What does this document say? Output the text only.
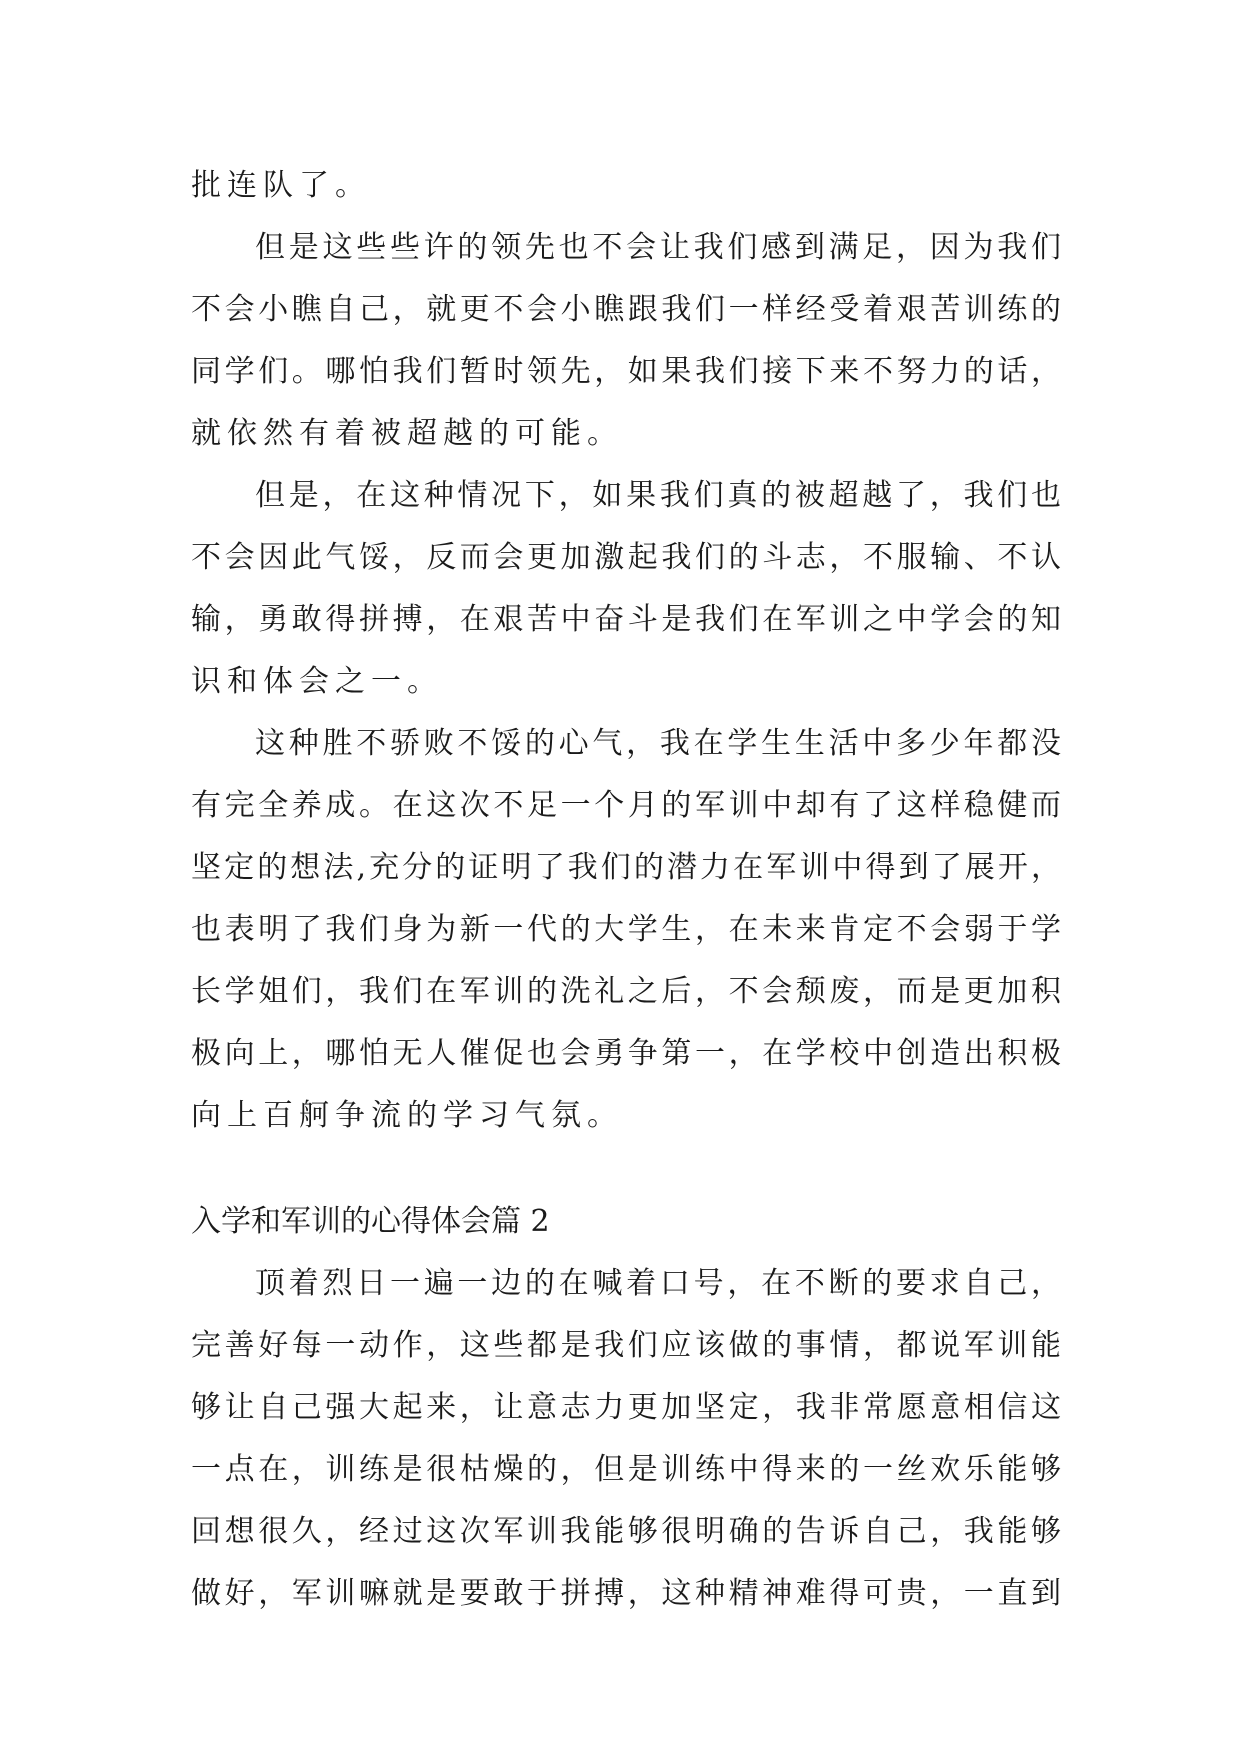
批连队了。
但是这些些许的领先也不会让我们感到满足，因为我们
不会小瞧自己，就更不会小瞧跟我们一样经受着艰苦训练的
同学们。哪怕我们暂时领先，如果我们接下来不努力的话，
就依然有着被超越的可能。
但是，在这种情况下，如果我们真的被超越了，我们也
不会因此气馁，反而会更加激起我们的斗志，不服输、不认
输，勇敢得拼搏，在艰苦中奋斗是我们在军训之中学会的知
识和体会之一。
这种胜不骄败不馁的心气，我在学生生活中多少年都没
有完全养成。在这次不足一个月的军训中却有了这样稳健而
坚定的想法,充分的证明了我们的潜力在军训中得到了展开，
也表明了我们身为新一代的大学生，在未来肯定不会弱于学
长学姐们，我们在军训的洗礼之后，不会颓废，而是更加积
极向上，哪怕无人催促也会勇争第一，在学校中创造出积极
向上百舸争流的学习气氛。
入学和军训的心得体会篇 2
顶着烈日一遍一边的在喊着口号，在不断的要求自己，
完善好每一动作，这些都是我们应该做的事情，都说军训能
够让自己强大起来，让意志力更加坚定，我非常愿意相信这
一点在，训练是很枯燥的，但是训练中得来的一丝欢乐能够
回想很久，经过这次军训我能够很明确的告诉自己，我能够
做好，军训嘛就是要敢于拼搏，这种精神难得可贵，一直到
